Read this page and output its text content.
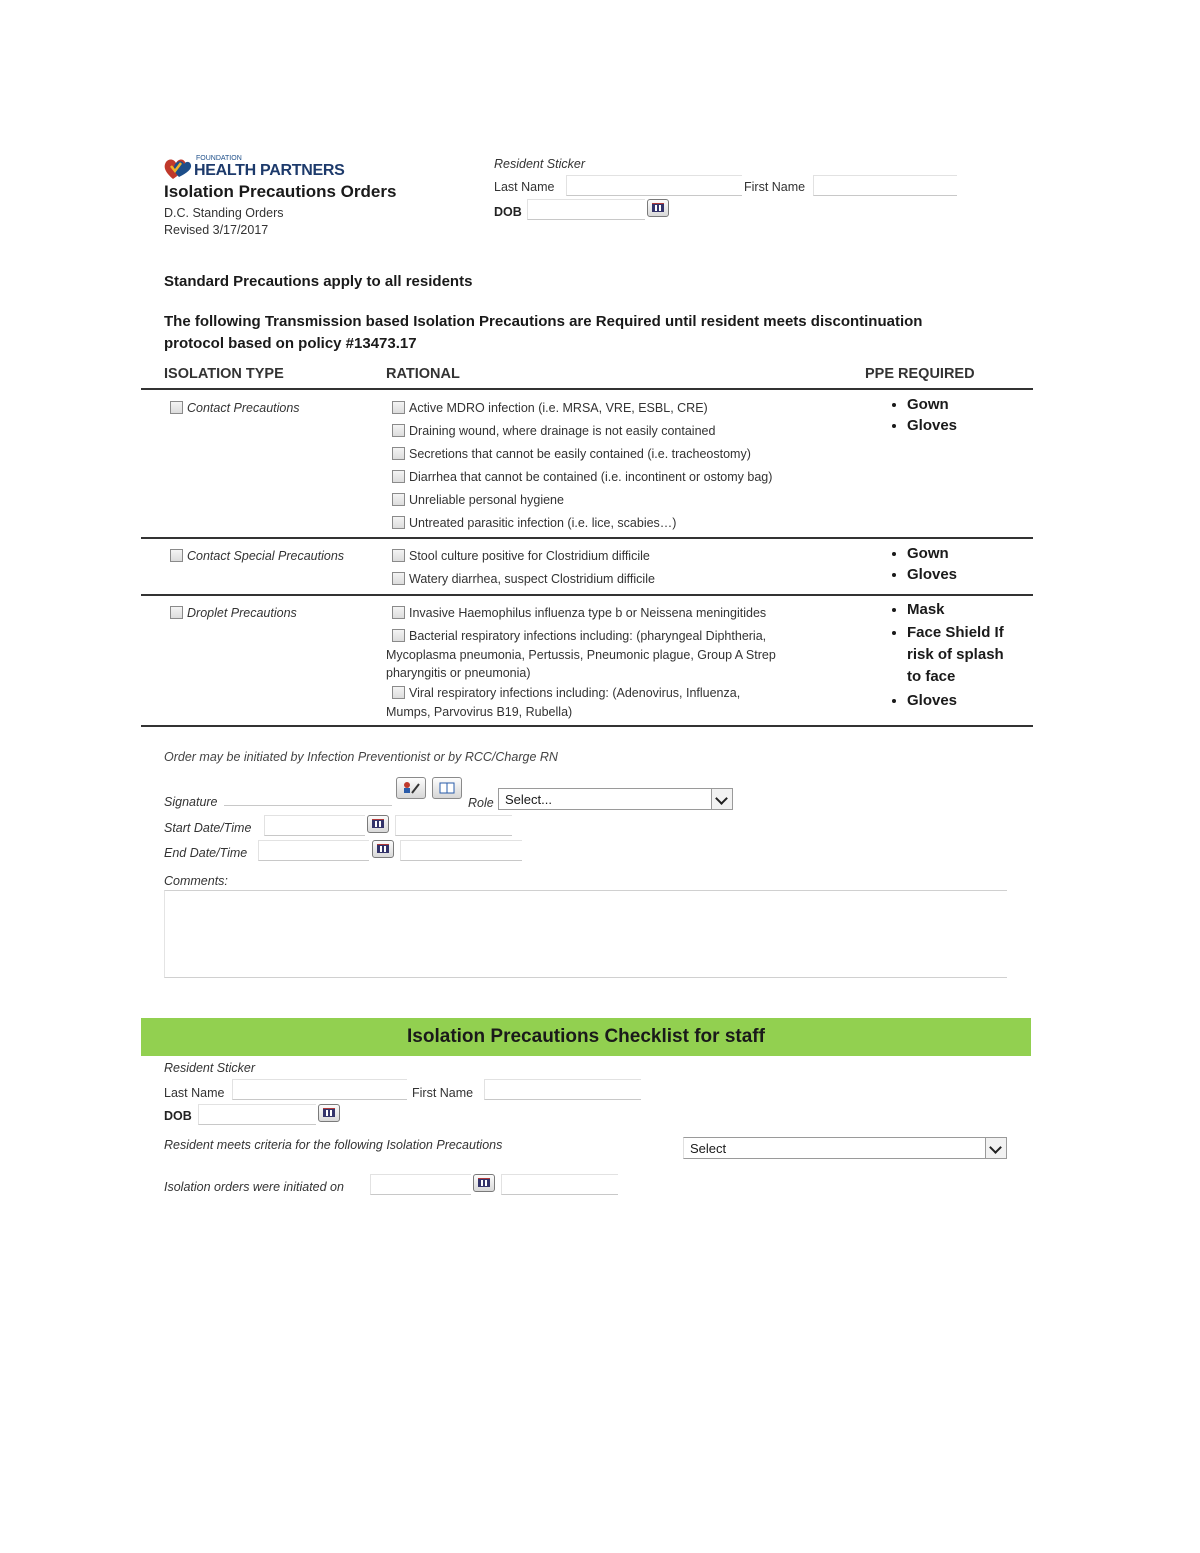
FOUNDATION
HEALTH PARTNERS
Isolation Precautions Orders
D.C. Standing Orders
Revised 3/17/2017
Resident Sticker
Last Name	First Name
DOB
Standard Precautions apply to all residents
The following Transmission based Isolation Precautions are Required until resident meets discontinuation
protocol based on policy #13473.17
ISOLATION TYPE	RATIONAL	PPE REQUIRED
Contact Precautions	Active MDRO infection (i.e. MRSA, VRE, ESBL, CRE)
Draining wound, where drainage is not easily contained
Secretions that cannot be easily contained (i.e. tracheostomy)
Diarrhea that cannot be contained (i.e. incontinent or ostomy bag)
Unreliable personal hygiene
Untreated parasitic infection (i.e. lice, scabies…)
• Gown
• Gloves
Contact Special Precautions	Stool culture positive for Clostridium difficile
Watery diarrhea, suspect Clostridium difficile
• Gown
• Gloves
Droplet Precautions	Invasive Haemophilus influenza type b or Neissena meningitides
Bacterial respiratory infections including: (pharyngeal Diphtheria,
Mycoplasma pneumonia, Pertussis, Pneumonic plague, Group A Strep
pharyngitis or pneumonia)
Viral respiratory infections including: (Adenovirus, Influenza,
Mumps, Parvovirus B19, Rubella)
• Mask
• Face Shield If
risk of splash
to face
• Gloves
Order may be initiated by Infection Preventionist or by RCC/Charge RN
Signature	Role Select...
Start Date/Time
End Date/Time
Comments:
Isolation Precautions Checklist for staff
Resident Sticker
Last Name	First Name
DOB
Resident meets criteria for the following Isolation Precautions	Select
Isolation orders were initiated on
